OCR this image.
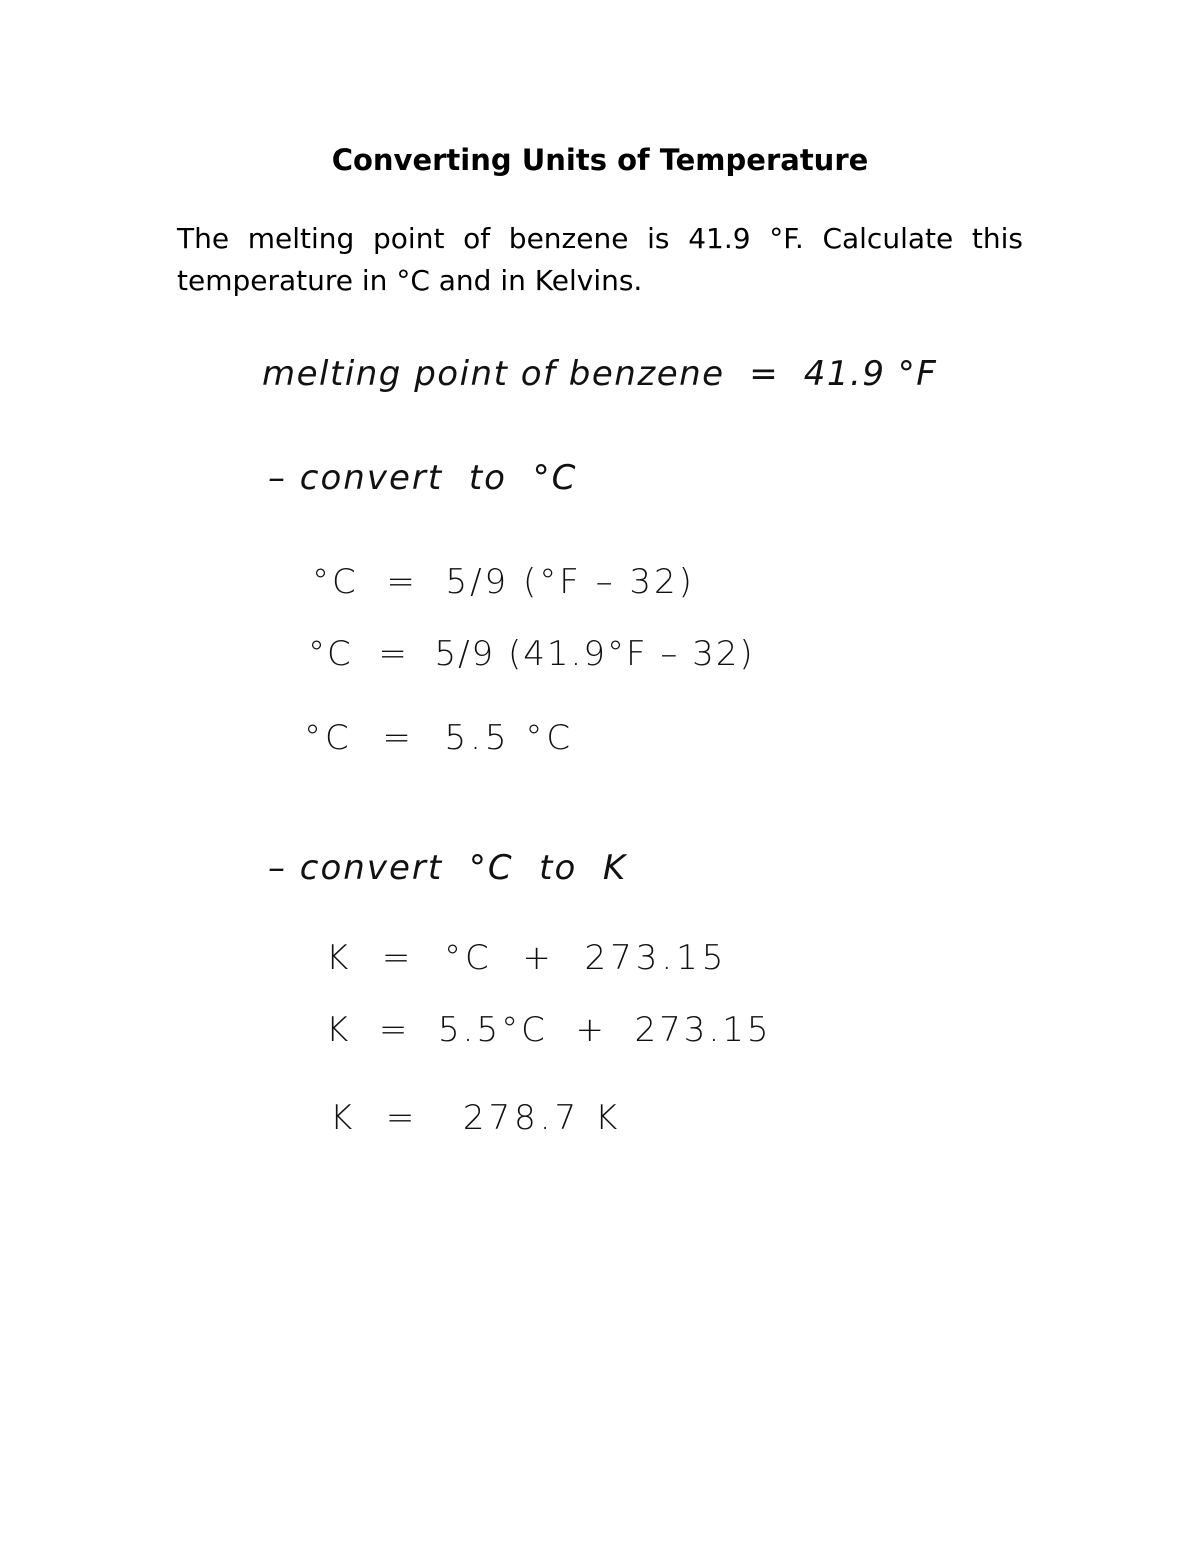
Converting Units of Temperature

The melting point of benzene is 41.9 °F. Calculate this temperature in °C and in Kelvins.

melting point of benzene  =  41.9 °F
– convert  to  °C
°C  =  5/9 (°F – 32)
°C  =  5/9 (41.9°F – 32)
°C  =  5.5 °C
– convert  °C  to  K
K  =  °C  +  273.15
K  =  5.5°C  +  273.15
K  =   278.7 K
